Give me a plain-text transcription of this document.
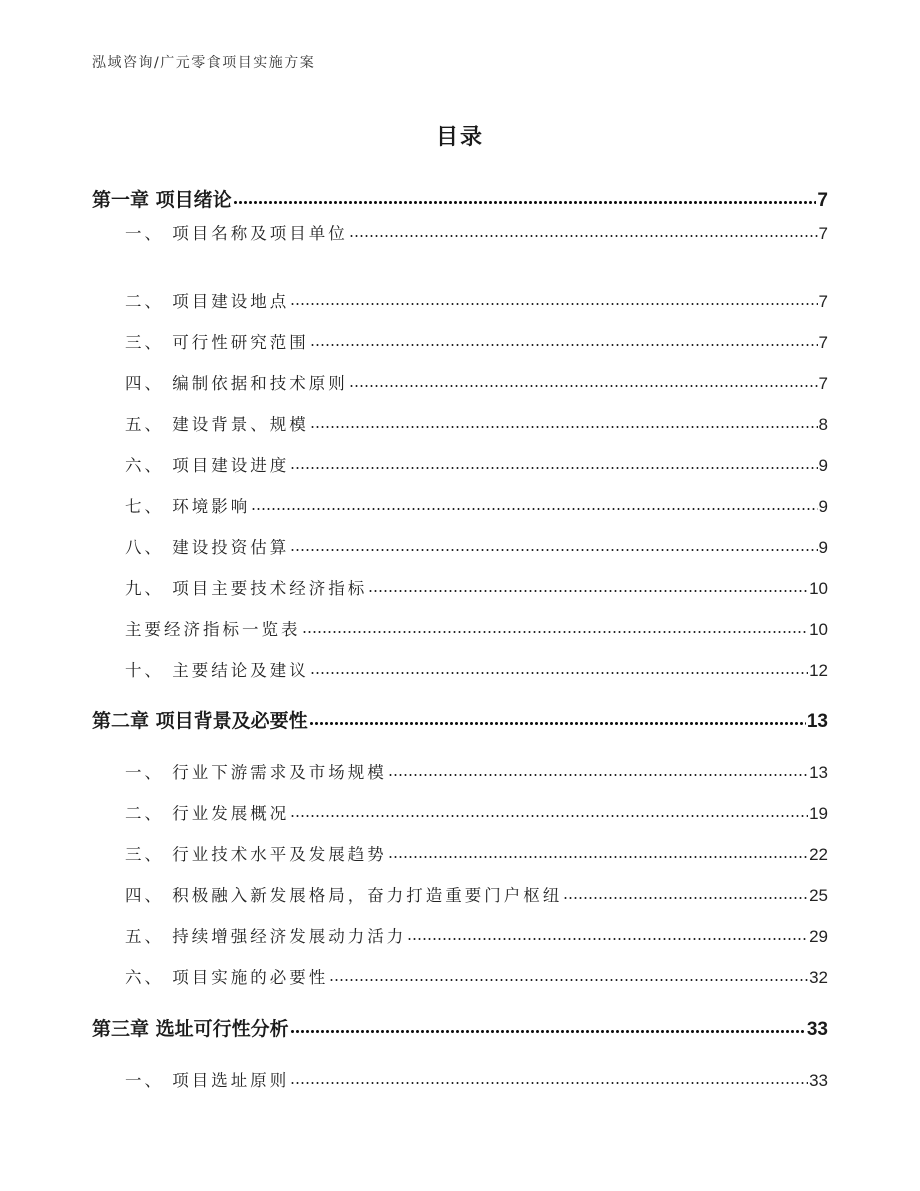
泓域咨询/广元零食项目实施方案
目录
第一章 项目绪论	7
一、 项目名称及项目单位	7
二、 项目建设地点	7
三、 可行性研究范围	7
四、 编制依据和技术原则	7
五、 建设背景、规模	8
六、 项目建设进度	9
七、 环境影响	9
八、 建设投资估算	9
九、 项目主要技术经济指标	10
主要经济指标一览表	10
十、 主要结论及建议	12
第二章 项目背景及必要性	13
一、 行业下游需求及市场规模	13
二、 行业发展概况	19
三、 行业技术水平及发展趋势	22
四、 积极融入新发展格局，奋力打造重要门户枢纽	25
五、 持续增强经济发展动力活力	29
六、 项目实施的必要性	32
第三章 选址可行性分析	33
一、 项目选址原则	33
